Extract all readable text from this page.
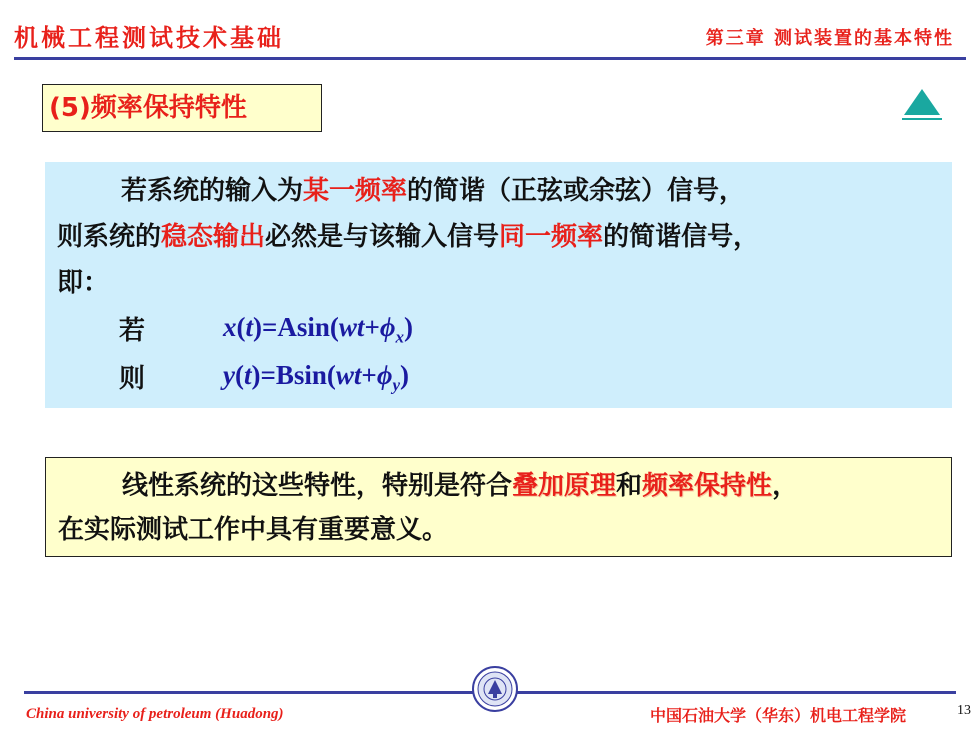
机械工程测试技术基础	第三章 测试装置的基本特性
(5)频率保持特性
若系统的输入为某一频率的简谐（正弦或余弦）信号，
则系统的稳态输出必然是与该输入信号同一频率的简谐信号，
即：
若	$x(t)=Asin(wt+\phi_x)$
则	$y(t)=Bsin(wt+\phi_y)$
线性系统的这些特性，特别是符合叠加原理和频率保持性，
在实际测试工作中具有重要意义。
China university of petroleum (Huadong)	中国石油大学（华东）机电工程学院	13
